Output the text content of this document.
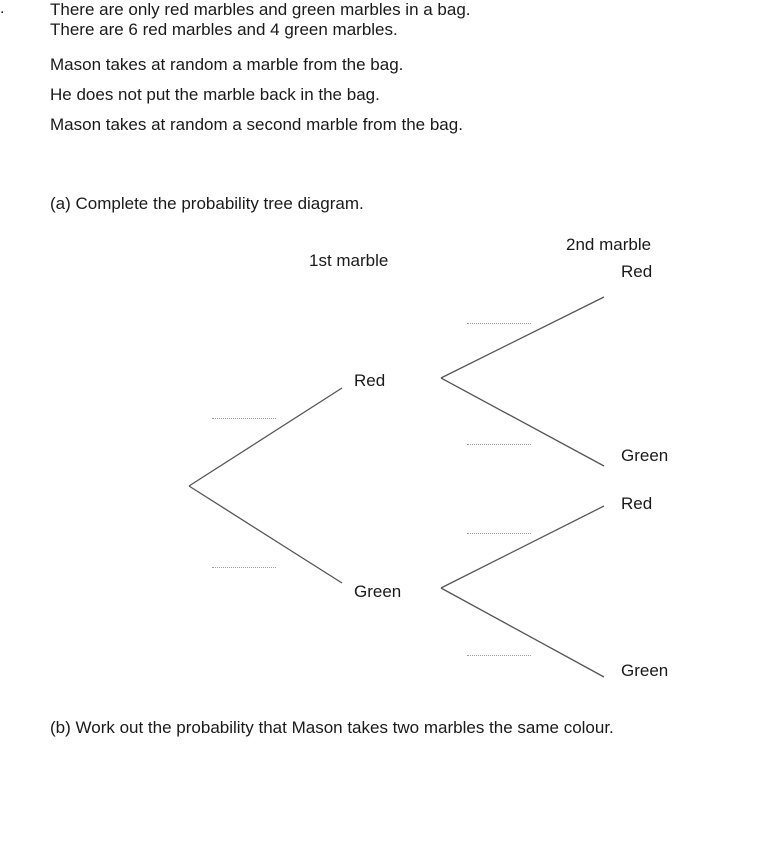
.	There are only red marbles and green marbles in a bag.
There are 6 red marbles and 4 green marbles.
Mason takes at random a marble from the bag.
He does not put the marble back in the bag.
Mason takes at random a second marble from the bag.
(a) Complete the probability tree diagram.
1st marble
2nd marble
Red
Green
Red
Green
Red
Green
(b) Work out the probability that Mason takes two marbles the same colour.
